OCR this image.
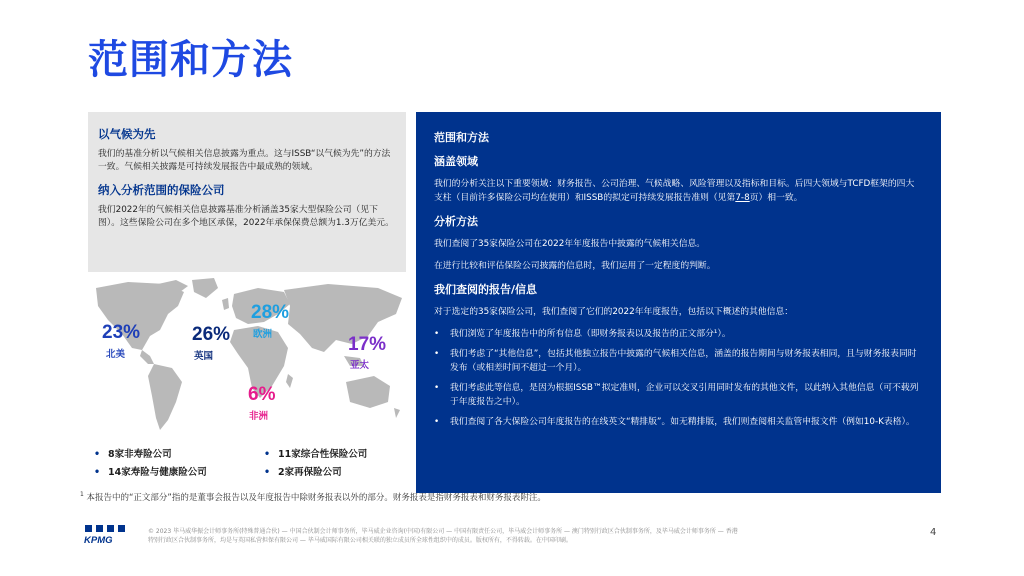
范围和方法
以气候为先
我们的基准分析以气候相关信息披露为重点。这与ISSB“以气候为先”的方法一致。气候相关披露是可持续发展报告中最成熟的领域。
纳入分析范围的保险公司
我们2022年的气候相关信息披露基准分析涵盖35家大型保险公司（见下图）。这些保险公司在多个地区承保，2022年承保保费总额为1.3万亿美元。
23%
北美
26%
英国
28%
欧洲	17%
亚太
6%
非洲
• 8家非寿险公司
• 14家寿险与健康险公司
• 11家综合性保险公司
• 2家再保险公司
$^1$ 本报告中的“正文部分”指的是董事会报告以及年度报告中除财务报表以外的部分。财务报表是指财务报表和财务报表附注。
KPMG
© 2023 毕马威华振会计师事务所(特殊普通合伙) — 中国合伙制会计师事务所，毕马威企业咨询(中国)有限公司 — 中国有限责任公司，毕马威会计师事务所 — 澳门特别行政区合伙制事务所，及毕马威会计师事务所 — 香港特别行政区合伙制事务所，均是与英国私营担保有限公司 — 毕马威国际有限公司相关联的独立成员所全球性组织中的成员。版权所有，不得转载。在中国印刷。
4
范围和方法
涵盖领域
我们的分析关注以下重要领域：财务报告、公司治理、气候战略、风险管理以及指标和目标。后四大领域与TCFD框架的四大支柱（目前许多保险公司均在使用）和ISSB的拟定可持续发展报告准则（见第7-8页）相一致。
分析方法
我们查阅了35家保险公司在2022年年度报告中披露的气候相关信息。
在进行比较和评估保险公司披露的信息时，我们运用了一定程度的判断。
我们查阅的报告/信息
对于选定的35家保险公司，我们查阅了它们的2022年年度报告，包括以下概述的其他信息：
• 我们浏览了年度报告中的所有信息（即财务报表以及报告的正文部分¹）。
• 我们考虑了“其他信息”，包括其他独立报告中披露的气候相关信息，涵盖的报告期间与财务报表相同，且与财务报表同时发布（或相差时间不超过一个月）。
• 我们考虑此等信息，是因为根据ISSB™拟定准则，企业可以交叉引用同时发布的其他文件，以此纳入其他信息（可不载列于年度报告之中）。
• 我们查阅了各大保险公司年度报告的在线英文“精排版”。如无精排版，我们则查阅相关监管申报文件（例如10-K表格）。
